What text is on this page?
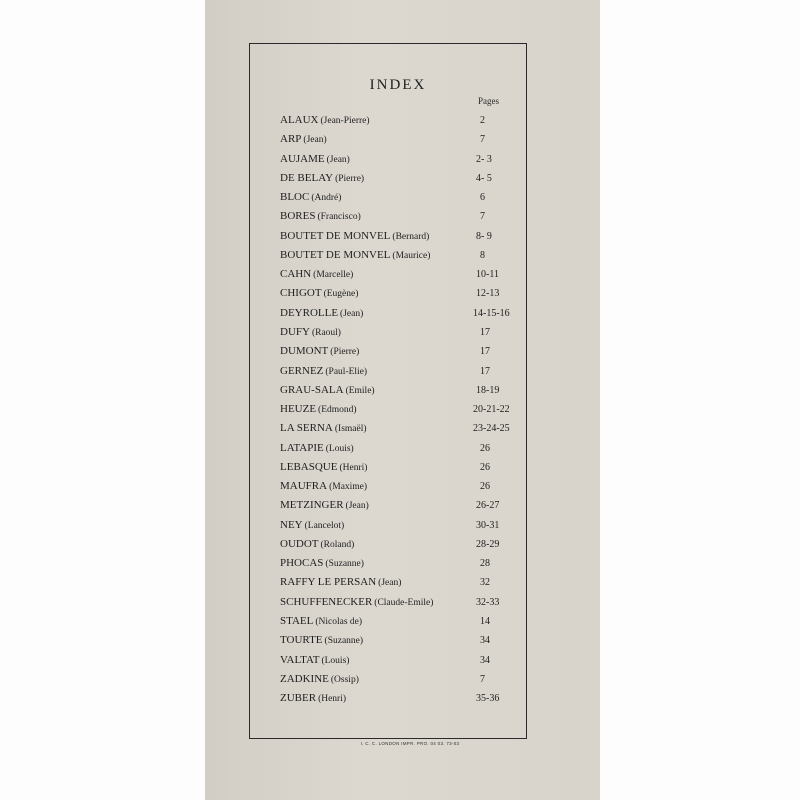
INDEX
Pages
ALAUX (Jean-Pierre)	2
ARP (Jean)	7
AUJAME (Jean)	2- 3
DE BELAY (Pierre)	4- 5
BLOC (André)	6
BORES (Francisco)	7
BOUTET DE MONVEL (Bernard)	8- 9
BOUTET DE MONVEL (Maurice)	8
CAHN (Marcelle)	10-11
CHIGOT (Eugène)	12-13
DEYROLLE (Jean)	14-15-16
DUFY (Raoul)	17
DUMONT (Pierre)	17
GERNEZ (Paul-Elie)	17
GRAU-SALA (Emile)	18-19
HEUZE (Edmond)	20-21-22
LA SERNA (Ismaël)	23-24-25
LATAPIE (Louis)	26
LEBASQUE (Henri)	26
MAUFRA (Maxime)	26
METZINGER (Jean)	26-27
NEY (Lancelot)	30-31
OUDOT (Roland)	28-29
PHOCAS (Suzanne)	28
RAFFY LE PERSAN (Jean)	32
SCHUFFENECKER (Claude-Emile)	32-33
STAEL (Nicolas de)	14
TOURTE (Suzanne)	34
VALTAT (Louis)	34
ZADKINE (Ossip)	7
ZUBER (Henri)	35-36
I. C. C. LONDON IMPR. PRO. 04 03. 73-03
